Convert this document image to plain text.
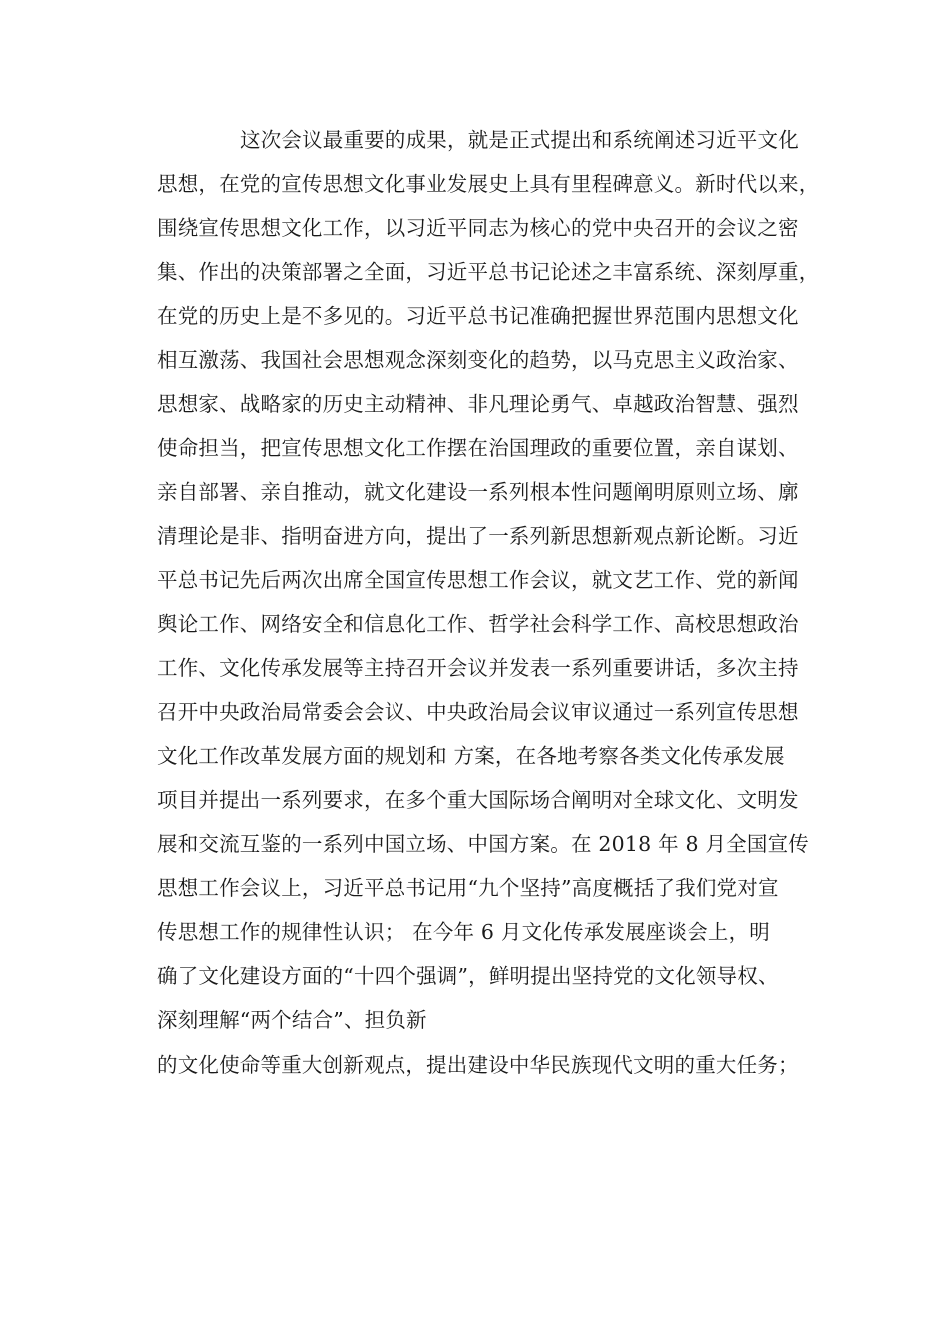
这次会议最重要的成果，就是正式提出和系统阐述习近平文化

思想，在党的宣传思想文化事业发展史上具有里程碑意义。新时代以来，

围绕宣传思想文化工作，以习近平同志为核心的党中央召开的会议之密

集、作出的决策部署之全面，习近平总书记论述之丰富系统、深刻厚重，

在党的历史上是不多见的。习近平总书记准确把握世界范围内思想文化

相互激荡、我国社会思想观念深刻变化的趋势，以马克思主义政治家、

思想家、战略家的历史主动精神、非凡理论勇气、卓越政治智慧、强烈

使命担当，把宣传思想文化工作摆在治国理政的重要位置，亲自谋划、

亲自部署、亲自推动，就文化建设一系列根本性问题阐明原则立场、廓

清理论是非、指明奋进方向，提出了一系列新思想新观点新论断。习近

平总书记先后两次出席全国宣传思想工作会议，就文艺工作、党的新闻

舆论工作、网络安全和信息化工作、哲学社会科学工作、高校思想政治

工作、文化传承发展等主持召开会议并发表一系列重要讲话，多次主持

召开中央政治局常委会会议、中央政治局会议审议通过一系列宣传思想

文化工作改革发展方面的规划和 方案，在各地考察各类文化传承发展

项目并提出一系列要求，在多个重大国际场合阐明对全球文化、文明发

展和交流互鉴的一系列中国立场、中国方案。在 2018 年 8 月全国宣传

思想工作会议上，习近平总书记用“九个坚持”高度概括了我们党对宣

传思想工作的规律性认识； 在今年 6 月文化传承发展座谈会上，明

确了文化建设方面的“十四个强调”，鲜明提出坚持党的文化领导权、

深刻理解“两个结合”、担负新

的文化使命等重大创新观点，提出建设中华民族现代文明的重大任务；
